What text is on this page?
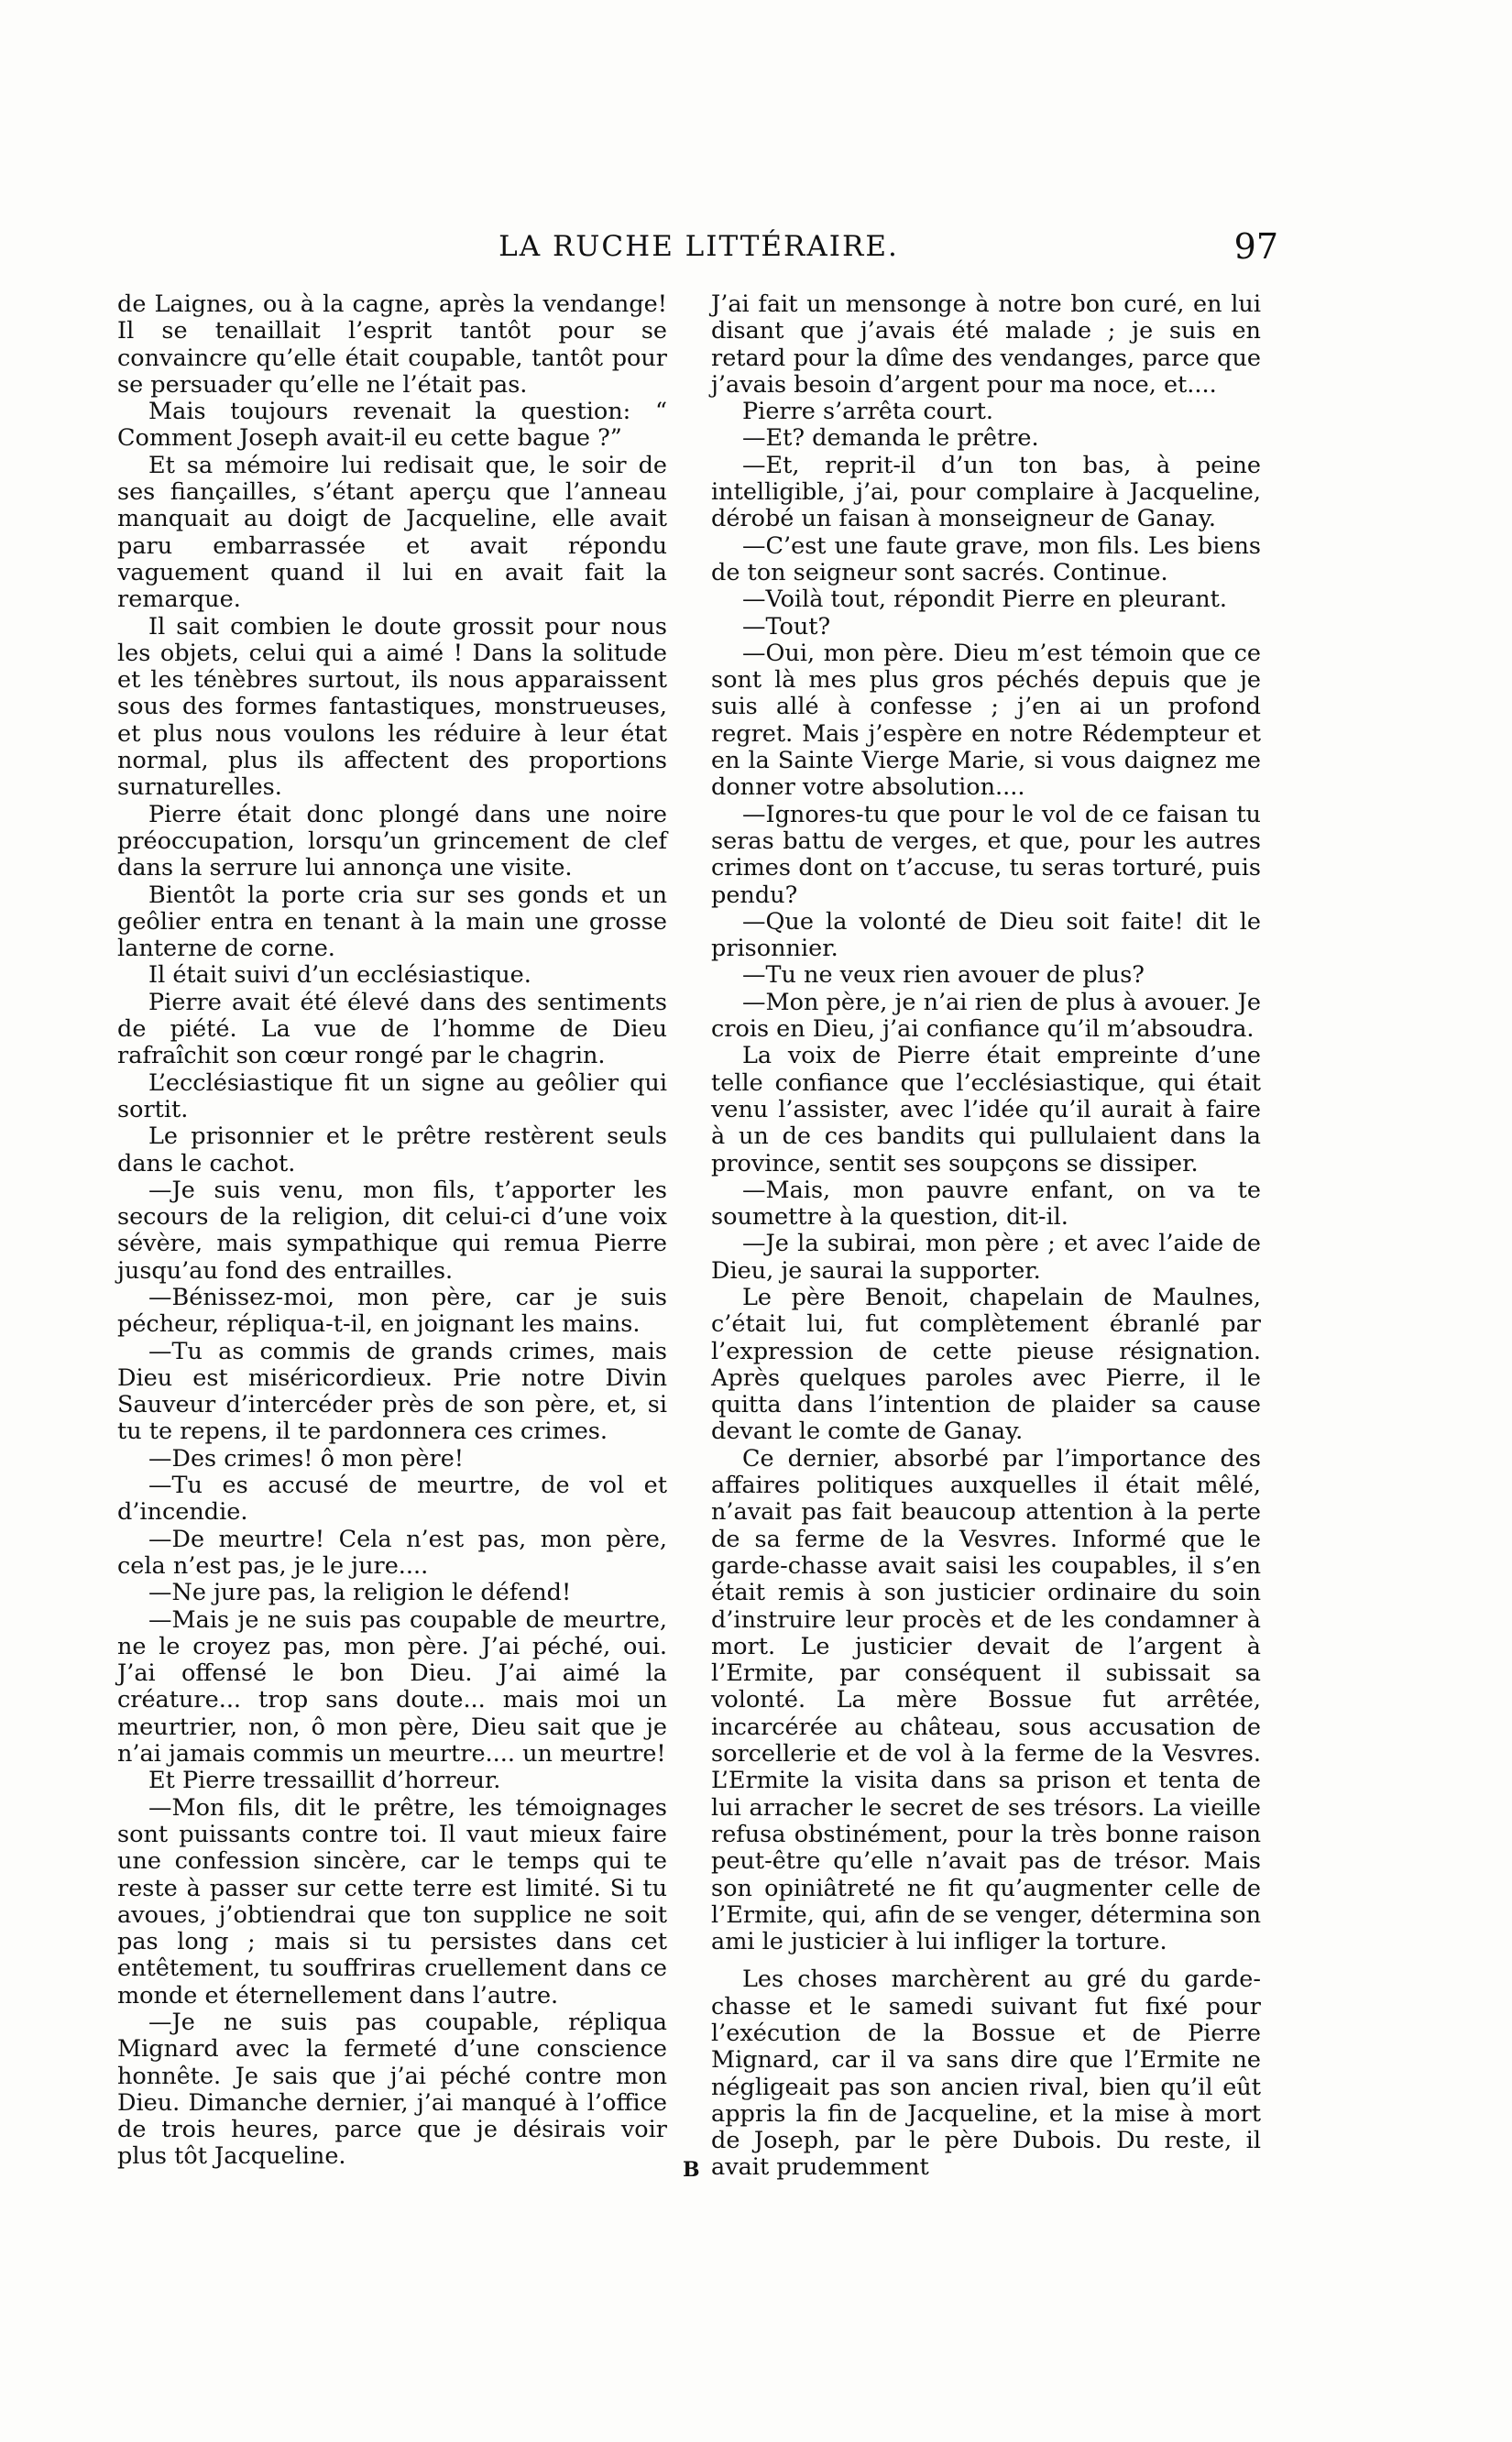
LA RUCHE LITTÉRAIRE.	97

de Laignes, ou à la cagne, après la vendange! Il se tenaillait l’esprit tantôt pour se convaincre qu’elle était coupable, tantôt pour se persuader qu’elle ne l’était pas.

Mais toujours revenait la question: “ Comment Joseph avait-il eu cette bague ?”

Et sa mémoire lui redisait que, le soir de ses fiançailles, s’étant aperçu que l’anneau manquait au doigt de Jacqueline, elle avait paru embarrassée et avait répondu vaguement quand il lui en avait fait la remarque.

Il sait combien le doute grossit pour nous les objets, celui qui a aimé ! Dans la solitude et les ténèbres surtout, ils nous apparaissent sous des formes fantastiques, monstrueuses, et plus nous voulons les réduire à leur état normal, plus ils affectent des proportions surnaturelles.

Pierre était donc plongé dans une noire préoccupation, lorsqu’un grincement de clef dans la serrure lui annonça une visite.

Bientôt la porte cria sur ses gonds et un geôlier entra en tenant à la main une grosse lanterne de corne.

Il était suivi d’un ecclésiastique.

Pierre avait été élevé dans des sentiments de piété. La vue de l’homme de Dieu rafraîchit son cœur rongé par le chagrin.

L’ecclésiastique fit un signe au geôlier qui sortit.

Le prisonnier et le prêtre restèrent seuls dans le cachot.

—Je suis venu, mon fils, t’apporter les secours de la religion, dit celui-ci d’une voix sévère, mais sympathique qui remua Pierre jusqu’au fond des entrailles.

—Bénissez-moi, mon père, car je suis pécheur, répliqua-t-il, en joignant les mains.

—Tu as commis de grands crimes, mais Dieu est miséricordieux. Prie notre Divin Sauveur d’intercéder près de son père, et, si tu te repens, il te pardonnera ces crimes.

—Des crimes! ô mon père!

—Tu es accusé de meurtre, de vol et d’incendie.

—De meurtre! Cela n’est pas, mon père, cela n’est pas, je le jure....

—Ne jure pas, la religion le défend!

—Mais je ne suis pas coupable de meurtre, ne le croyez pas, mon père. J’ai péché, oui. J’ai offensé le bon Dieu. J’ai aimé la créature... trop sans doute... mais moi un meurtrier, non, ô mon père, Dieu sait que je n’ai jamais commis un meurtre.... un meurtre!

Et Pierre tressaillit d’horreur.

—Mon fils, dit le prêtre, les témoignages sont puissants contre toi. Il vaut mieux faire une confession sincère, car le temps qui te reste à passer sur cette terre est limité. Si tu avoues, j’obtiendrai que ton supplice ne soit pas long ; mais si tu persistes dans cet entêtement, tu souffriras cruellement dans ce monde et éternellement dans l’autre.

—Je ne suis pas coupable, répliqua Mignard avec la fermeté d’une conscience honnête. Je sais que j’ai péché contre mon Dieu. Dimanche dernier, j’ai manqué à l’office de trois heures, parce que je désirais voir plus tôt Jacqueline.

J’ai fait un mensonge à notre bon curé, en lui disant que j’avais été malade ; je suis en retard pour la dîme des vendanges, parce que j’avais besoin d’argent pour ma noce, et....

Pierre s’arrêta court.

—Et? demanda le prêtre.

—Et, reprit-il d’un ton bas, à peine intelligible, j’ai, pour complaire à Jacqueline, dérobé un faisan à monseigneur de Ganay.

—C’est une faute grave, mon fils. Les biens de ton seigneur sont sacrés. Continue.

—Voilà tout, répondit Pierre en pleurant.

—Tout?

—Oui, mon père. Dieu m’est témoin que ce sont là mes plus gros péchés depuis que je suis allé à confesse ; j’en ai un profond regret. Mais j’espère en notre Rédempteur et en la Sainte Vierge Marie, si vous daignez me donner votre absolution....

—Ignores-tu que pour le vol de ce faisan tu seras battu de verges, et que, pour les autres crimes dont on t’accuse, tu seras torturé, puis pendu?

—Que la volonté de Dieu soit faite! dit le prisonnier.

—Tu ne veux rien avouer de plus?

—Mon père, je n’ai rien de plus à avouer. Je crois en Dieu, j’ai confiance qu’il m’absoudra.

La voix de Pierre était empreinte d’une telle confiance que l’ecclésiastique, qui était venu l’assister, avec l’idée qu’il aurait à faire à un de ces bandits qui pullulaient dans la province, sentit ses soupçons se dissiper.

—Mais, mon pauvre enfant, on va te soumettre à la question, dit-il.

—Je la subirai, mon père ; et avec l’aide de Dieu, je saurai la supporter.

Le père Benoit, chapelain de Maulnes, c’était lui, fut complètement ébranlé par l’expression de cette pieuse résignation. Après quelques paroles avec Pierre, il le quitta dans l’intention de plaider sa cause devant le comte de Ganay.

Ce dernier, absorbé par l’importance des affaires politiques auxquelles il était mêlé, n’avait pas fait beaucoup attention à la perte de sa ferme de la Vesvres. Informé que le garde-chasse avait saisi les coupables, il s’en était remis à son justicier ordinaire du soin d’instruire leur procès et de les condamner à mort. Le justicier devait de l’argent à l’Ermite, par conséquent il subissait sa volonté. La mère Bossue fut arrêtée, incarcérée au château, sous accusation de sorcellerie et de vol à la ferme de la Vesvres. L’Ermite la visita dans sa prison et tenta de lui arracher le secret de ses trésors. La vieille refusa obstinément, pour la très bonne raison peut-être qu’elle n’avait pas de trésor. Mais son opiniâtreté ne fit qu’augmenter celle de l’Ermite, qui, afin de se venger, détermina son ami le justicier à lui infliger la torture.

Les choses marchèrent au gré du garde-chasse et le samedi suivant fut fixé pour l’exécution de la Bossue et de Pierre Mignard, car il va sans dire que l’Ermite ne négligeait pas son ancien rival, bien qu’il eût appris la fin de Jacqueline, et la mise à mort de Joseph, par le père Dubois. Du reste, il avait prudemment

B
